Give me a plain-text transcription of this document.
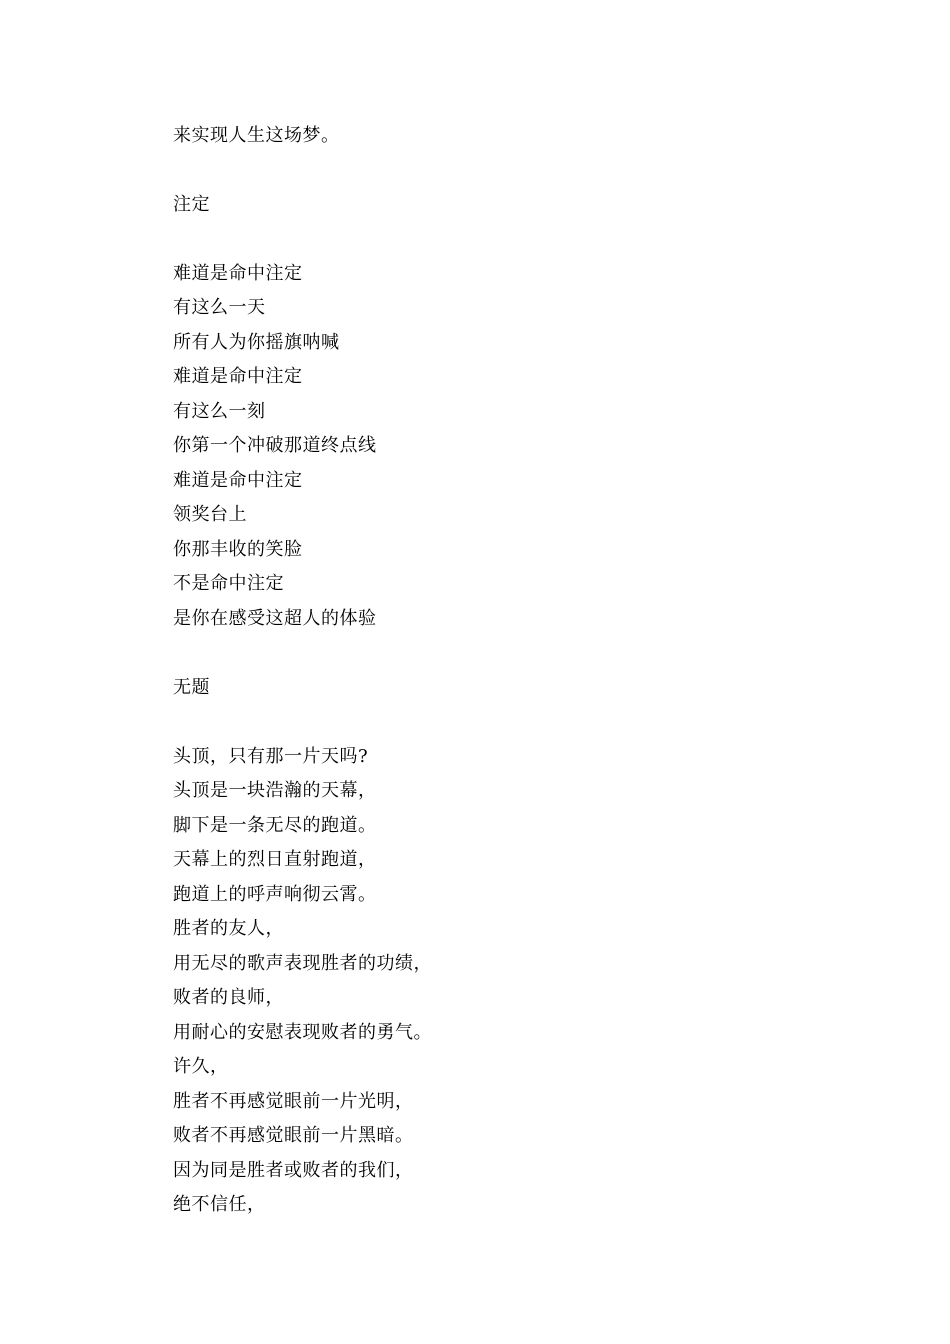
来实现人生这场梦。
注定
难道是命中注定
有这么一天
所有人为你摇旗呐喊
难道是命中注定
有这么一刻
你第一个冲破那道终点线
难道是命中注定
领奖台上
你那丰收的笑脸
不是命中注定
是你在感受这超人的体验
无题
头顶，只有那一片天吗?
头顶是一块浩瀚的天幕，
脚下是一条无尽的跑道。
天幕上的烈日直射跑道，
跑道上的呼声响彻云霄。
胜者的友人，
用无尽的歌声表现胜者的功绩，
败者的良师，
用耐心的安慰表现败者的勇气。
许久，
胜者不再感觉眼前一片光明，
败者不再感觉眼前一片黑暗。
因为同是胜者或败者的我们，
绝不信任，
